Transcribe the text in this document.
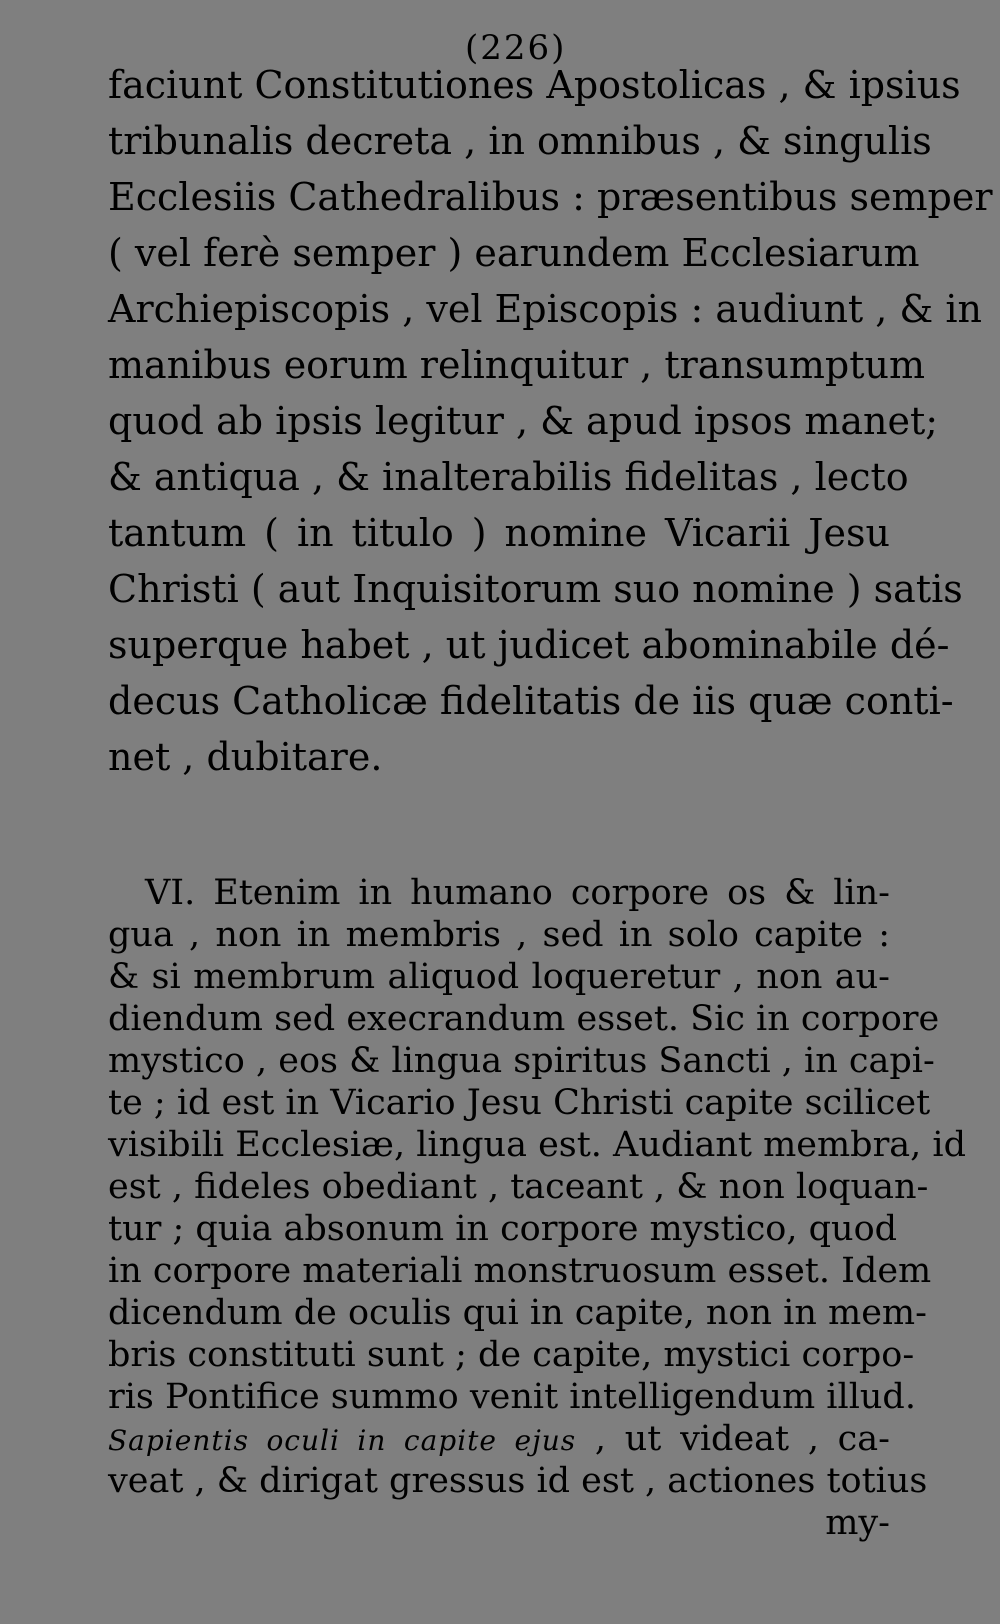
(226)
faciunt Constitutiones Apostolicas , & ipsius
tribunalis decreta , in omnibus , & singulis
Ecclesiis Cathedralibus : præsentibus semper
( vel ferè semper ) earundem Ecclesiarum
Archiepiscopis , vel Episcopis : audiunt , & in
manibus eorum relinquitur , transumptum
quod ab ipsis legitur , & apud ipsos manet;
& antiqua , & inalterabilis fidelitas , lecto
tantum ( in titulo ) nomine Vicarii Jesu
Christi ( aut Inquisitorum suo nomine ) satis
superque habet , ut judicet abominabile dé-
decus Catholicæ fidelitatis de iis quæ conti-
net , dubitare.
VI. Etenim in humano corpore os & lin-
gua , non in membris , sed in solo capite :
& si membrum aliquod loqueretur , non au-
diendum sed execrandum esset. Sic in corpore
mystico , eos & lingua spiritus Sancti , in capi-
te ; id est in Vicario Jesu Christi capite scilicet
visibili Ecclesiæ, lingua est. Audiant membra, id
est , fideles obediant , taceant , & non loquan-
tur ; quia absonum in corpore mystico, quod
in corpore materiali monstruosum esset. Idem
dicendum de oculis qui in capite, non in mem-
bris constituti sunt ; de capite, mystici corpo-
ris Pontifice summo venit intelligendum illud.
Sapientis oculi in capite ejus , ut videat , ca-
veat , & dirigat gressus id est , actiones totius
my-
